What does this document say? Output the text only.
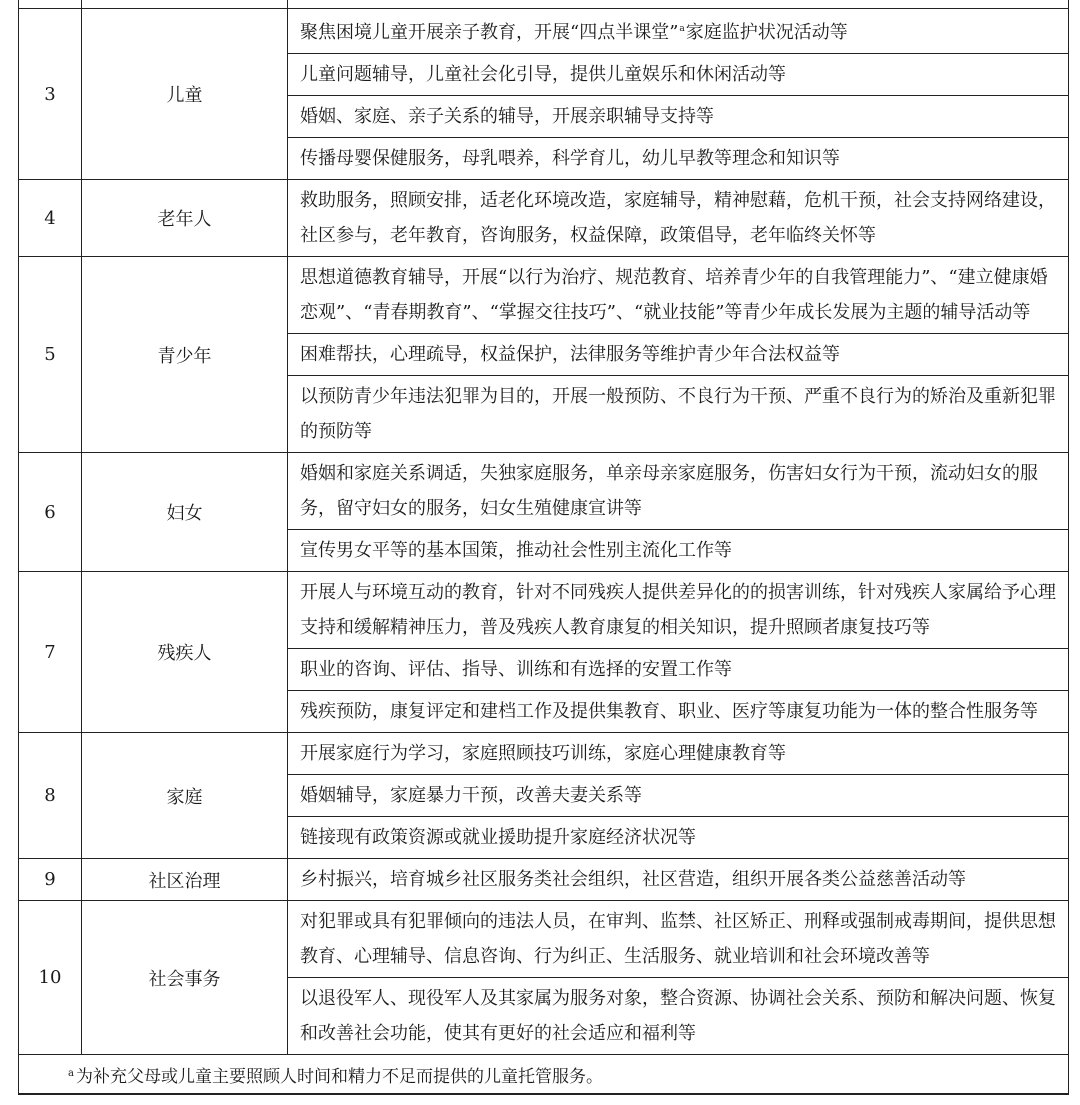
3	儿童	聚焦困境儿童开展亲子教育，开展“四点半课堂”$^a$家庭监护状况活动等
		儿童问题辅导，儿童社会化引导，提供儿童娱乐和休闲活动等
		婚姻、家庭、亲子关系的辅导，开展亲职辅导支持等
		传播母婴保健服务，母乳喂养，科学育儿，幼儿早教等理念和知识等
4	老年人	救助服务，照顾安排，适老化环境改造，家庭辅导，精神慰藉，危机干预，社会支持网络建设，社区参与，老年教育，咨询服务，权益保障，政策倡导，老年临终关怀等
5	青少年	思想道德教育辅导，开展“以行为治疗、规范教育、培养青少年的自我管理能力”、“建立健康婚恋观”、“青春期教育”、“掌握交往技巧”、“就业技能”等青少年成长发展为主题的辅导活动等
		困难帮扶，心理疏导，权益保护，法律服务等维护青少年合法权益等
		以预防青少年违法犯罪为目的，开展一般预防、不良行为干预、严重不良行为的矫治及重新犯罪的预防等
6	妇女	婚姻和家庭关系调适，失独家庭服务，单亲母亲家庭服务，伤害妇女行为干预，流动妇女的服务，留守妇女的服务，妇女生殖健康宣讲等
		宣传男女平等的基本国策，推动社会性别主流化工作等
7	残疾人	开展人与环境互动的教育，针对不同残疾人提供差异化的的损害训练，针对残疾人家属给予心理支持和缓解精神压力，普及残疾人教育康复的相关知识，提升照顾者康复技巧等
		职业的咨询、评估、指导、训练和有选择的安置工作等
		残疾预防，康复评定和建档工作及提供集教育、职业、医疗等康复功能为一体的整合性服务等
8	家庭	开展家庭行为学习，家庭照顾技巧训练，家庭心理健康教育等
		婚姻辅导，家庭暴力干预，改善夫妻关系等
		链接现有政策资源或就业援助提升家庭经济状况等
9	社区治理	乡村振兴，培育城乡社区服务类社会组织，社区营造，组织开展各类公益慈善活动等
10	社会事务	对犯罪或具有犯罪倾向的违法人员，在审判、监禁、社区矫正、刑释或强制戒毒期间，提供思想教育、心理辅导、信息咨询、行为纠正、生活服务、就业培训和社会环境改善等
		以退役军人、现役军人及其家属为服务对象，整合资源、协调社会关系、预防和解决问题、恢复和改善社会功能，使其有更好的社会适应和福利等
$^a$ 为补充父母或儿童主要照顾人时间和精力不足而提供的儿童托管服务。		
